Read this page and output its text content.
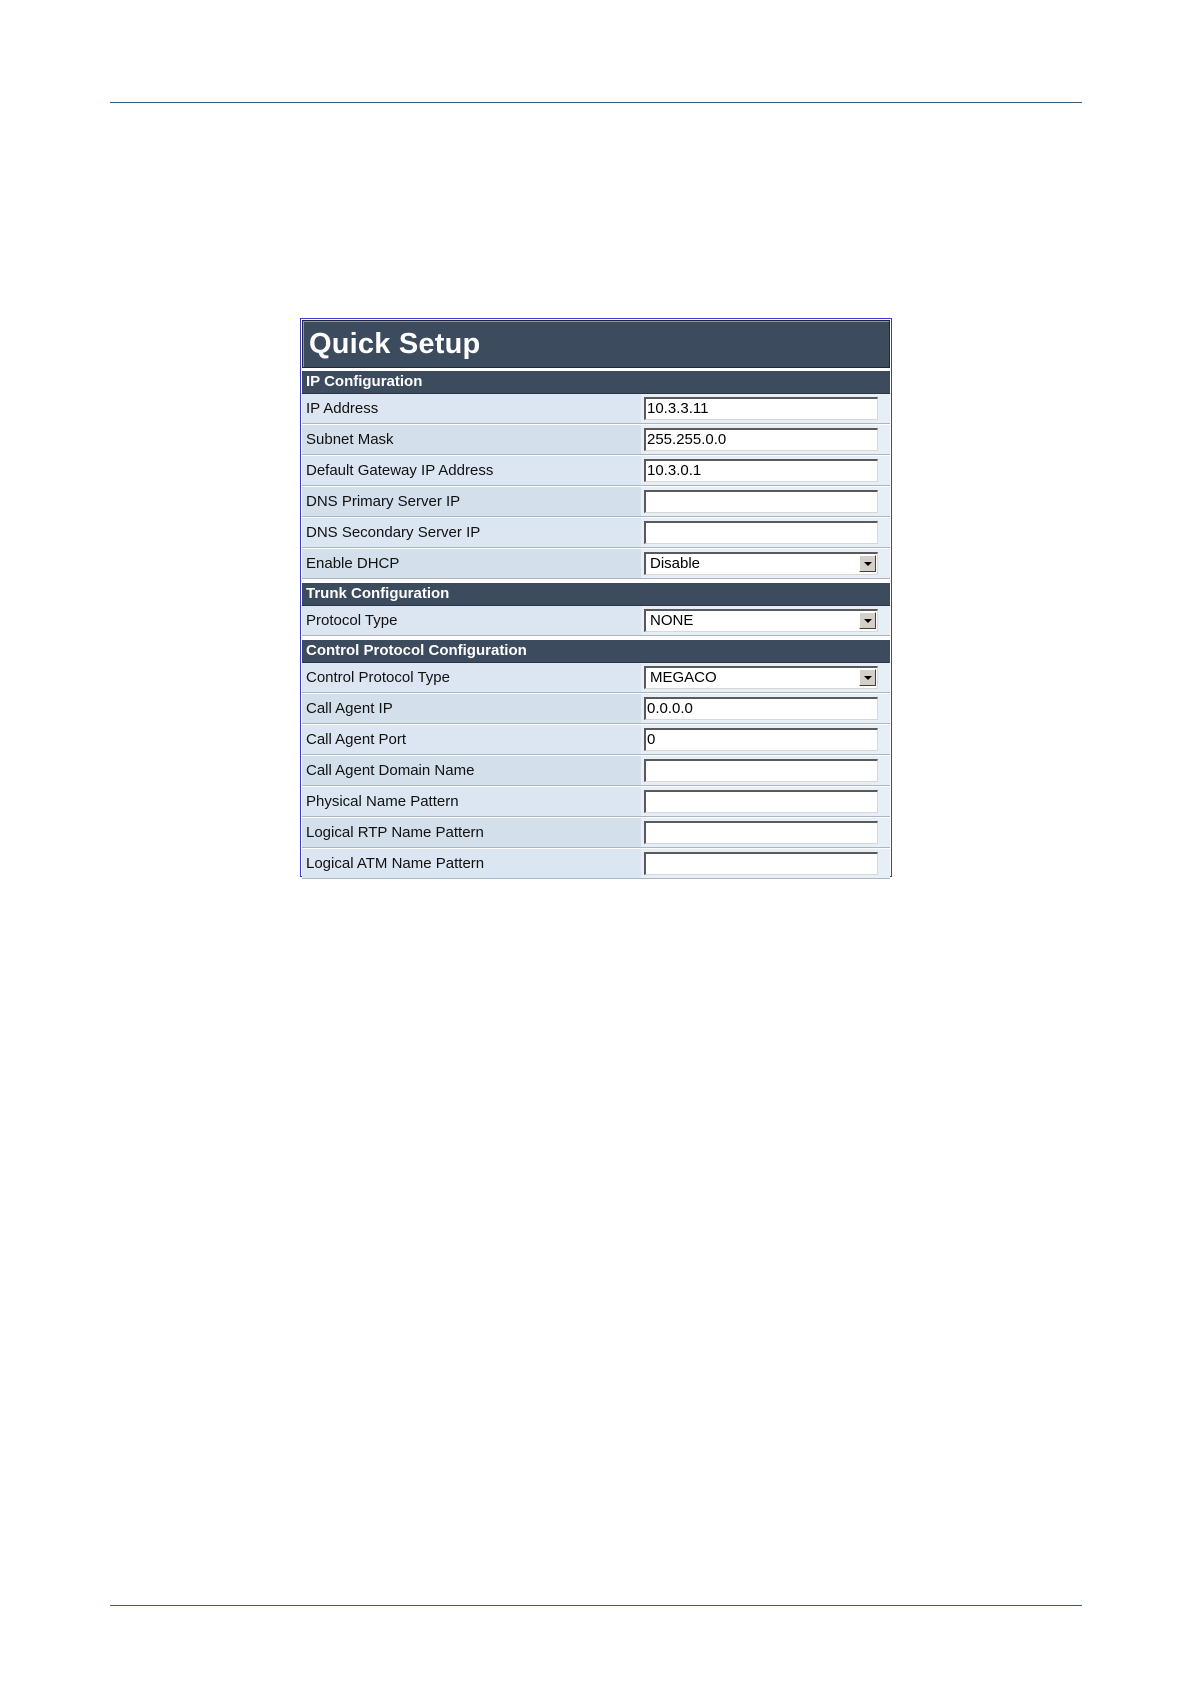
Quick Setup
IP Configuration
IP Address	10.3.3.11
Subnet Mask	255.255.0.0
Default Gateway IP Address	10.3.0.1
DNS Primary Server IP
DNS Secondary Server IP
Enable DHCP	Disable
Trunk Configuration
Protocol Type	NONE
Control Protocol Configuration
Control Protocol Type	MEGACO
Call Agent IP	0.0.0.0
Call Agent Port	0
Call Agent Domain Name
Physical Name Pattern
Logical RTP Name Pattern
Logical ATM Name Pattern
